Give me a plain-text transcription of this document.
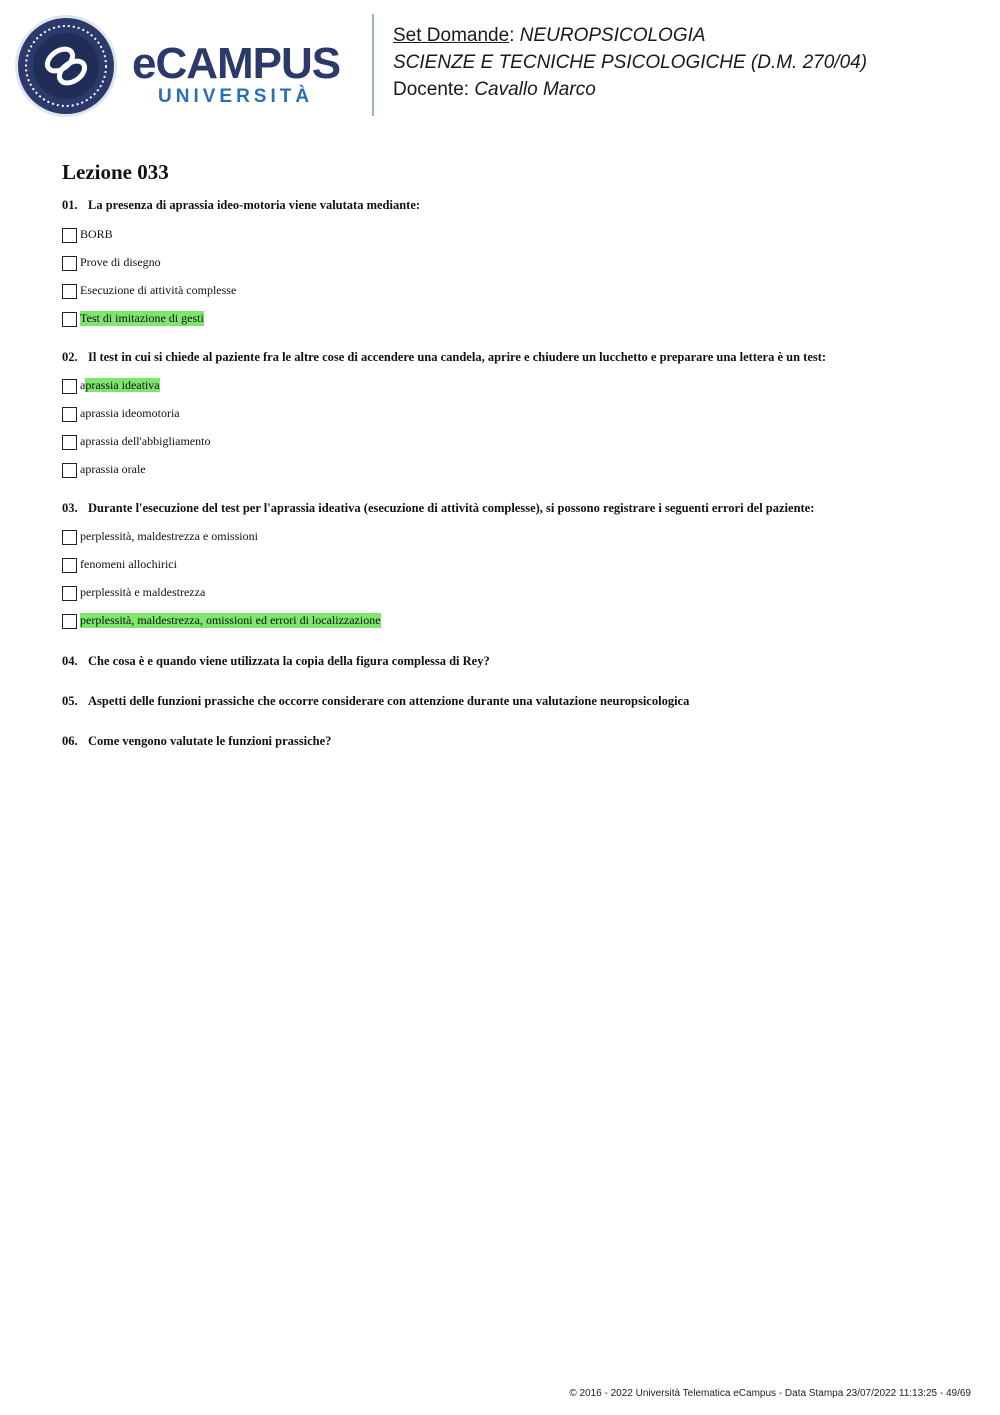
eCAMPUS
UNIVERSITÀ
Set Domande: NEUROPSICOLOGIA
SCIENZE E TECNICHE PSICOLOGICHE (D.M. 270/04)
Docente: Cavallo Marco
Lezione 033
01. La presenza di aprassia ideo-motoria viene valutata mediante:
BORB
Prove di disegno
Esecuzione di attività complesse
Test di imitazione di gesti
02. Il test in cui si chiede al paziente fra le altre cose di accendere una candela, aprire e chiudere un lucchetto e preparare una lettera è un test:
aprassia ideativa
aprassia ideomotoria
aprassia dell'abbigliamento
aprassia orale
03. Durante l'esecuzione del test per l'aprassia ideativa (esecuzione di attività complesse), si possono registrare i seguenti errori del paziente:
perplessità, maldestrezza e omissioni
fenomeni allochirici
perplessità e maldestrezza
perplessità, maldestrezza, omissioni ed errori di localizzazione
04. Che cosa è e quando viene utilizzata la copia della figura complessa di Rey?
05. Aspetti delle funzioni prassiche che occorre considerare con attenzione durante una valutazione neuropsicologica
06. Come vengono valutate le funzioni prassiche?
© 2016 - 2022 Università Telematica eCampus - Data Stampa 23/07/2022 11:13:25 - 49/69
